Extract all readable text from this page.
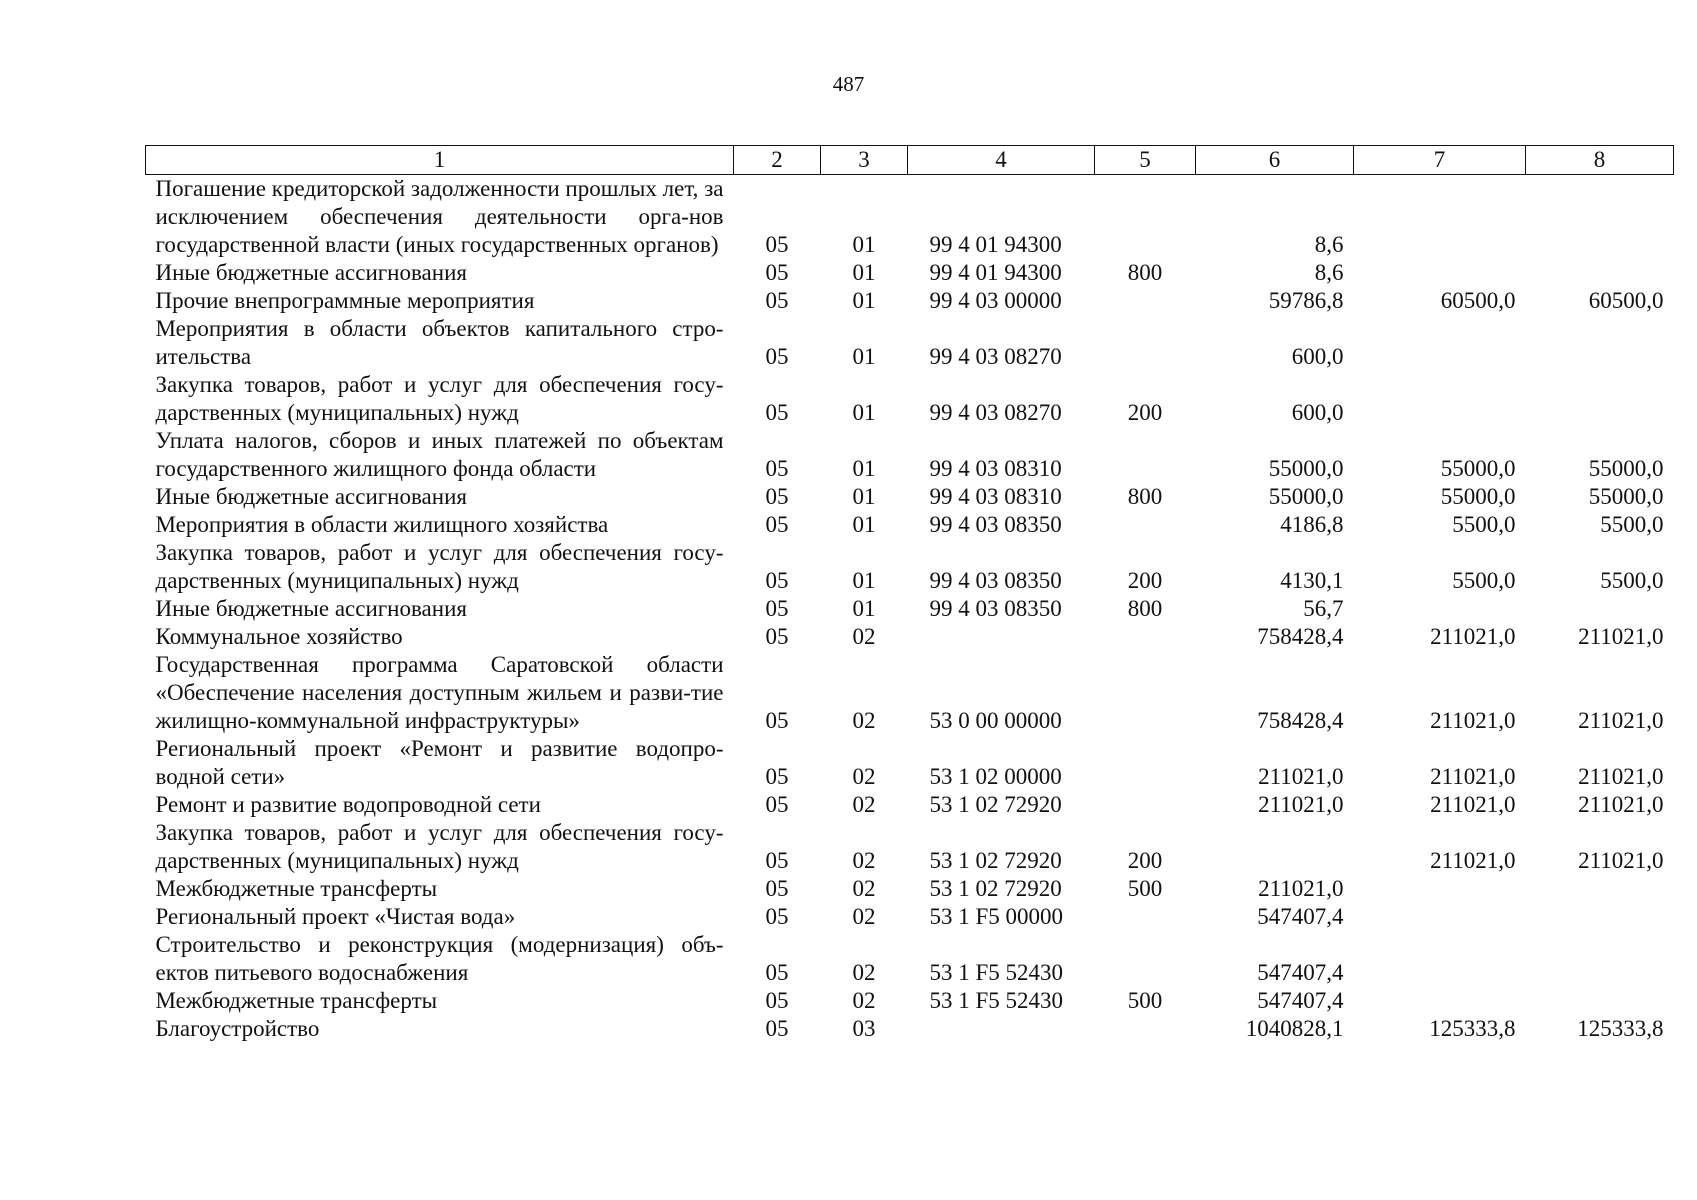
487
1	2	3	4	5	6	7	8
Погашение кредиторской задолженности прошлых лет, за исключением обеспечения деятельности орга-нов государственной власти (иных государственных органов)	05	01	99 4 01 94300		8,6		
Иные бюджетные ассигнования	05	01	99 4 01 94300	800	8,6		
Прочие внепрограммные мероприятия	05	01	99 4 03 00000		59786,8	60500,0	60500,0
Мероприятия в области объектов капитального стро-ительства	05	01	99 4 03 08270		600,0		
Закупка товаров, работ и услуг для обеспечения госу-дарственных (муниципальных) нужд	05	01	99 4 03 08270	200	600,0		
Уплата налогов, сборов и иных платежей по объектам государственного жилищного фонда области	05	01	99 4 03 08310		55000,0	55000,0	55000,0
Иные бюджетные ассигнования	05	01	99 4 03 08310	800	55000,0	55000,0	55000,0
Мероприятия в области жилищного хозяйства	05	01	99 4 03 08350		4186,8	5500,0	5500,0
Закупка товаров, работ и услуг для обеспечения госу-дарственных (муниципальных) нужд	05	01	99 4 03 08350	200	4130,1	5500,0	5500,0
Иные бюджетные ассигнования	05	01	99 4 03 08350	800	56,7		
Коммунальное хозяйство	05	02			758428,4	211021,0	211021,0
Государственная программа Саратовской области «Обеспечение населения доступным жильем и разви-тие жилищно-коммунальной инфраструктуры»	05	02	53 0 00 00000		758428,4	211021,0	211021,0
Региональный проект «Ремонт и развитие водопро-водной сети»	05	02	53 1 02 00000		211021,0	211021,0	211021,0
Ремонт и развитие водопроводной сети	05	02	53 1 02 72920		211021,0	211021,0	211021,0
Закупка товаров, работ и услуг для обеспечения госу-дарственных (муниципальных) нужд	05	02	53 1 02 72920	200		211021,0	211021,0
Межбюджетные трансферты	05	02	53 1 02 72920	500	211021,0		
Региональный проект «Чистая вода»	05	02	53 1 F5 00000		547407,4		
Строительство и реконструкция (модернизация) объ-ектов питьевого водоснабжения	05	02	53 1 F5 52430		547407,4		
Межбюджетные трансферты	05	02	53 1 F5 52430	500	547407,4		
Благоустройство	05	03			1040828,1	125333,8	125333,8
